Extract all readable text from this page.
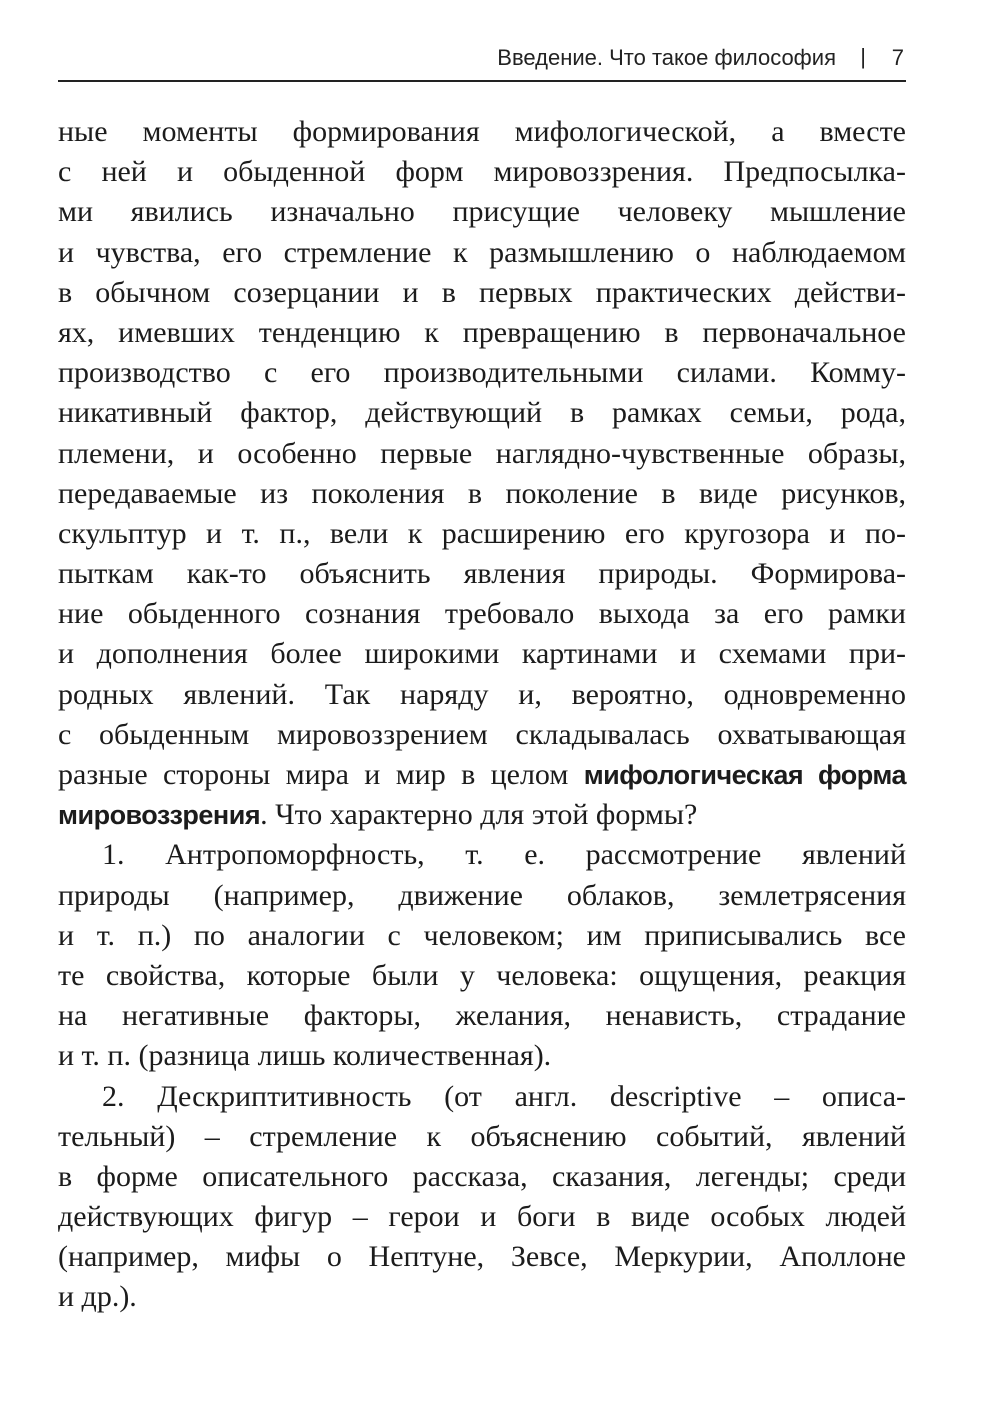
Введение. Что такое философия | 7
ные моменты формирования мифологической, а вместе
с ней и обыденной форм мировоззрения. Предпосылка-
ми явились изначально присущие человеку мышление
и чувства, его стремление к размышлению о наблюдаемом
в обычном созерцании и в первых практических действи-
ях, имевших тенденцию к превращению в первоначальное
производство с его производительными силами. Комму-
никативный фактор, действующий в рамках семьи, рода,
племени, и особенно первые наглядно-чувственные образы,
передаваемые из поколения в поколение в виде рисунков,
скульптур и т. п., вели к расширению его кругозора и по-
пыткам как-то объяснить явления природы. Формирова-
ние обыденного сознания требовало выхода за его рамки
и дополнения более широкими картинами и схемами при-
родных явлений. Так наряду и, вероятно, одновременно
с обыденным мировоззрением складывалась охватывающая
разные стороны мира и мир в целом мифологическая форма
мировоззрения. Что характерно для этой формы?
1. Антропоморфность, т. е. рассмотрение явлений
природы (например, движение облаков, землетрясения
и т. п.) по аналогии с человеком; им приписывались все
те свойства, которые были у человека: ощущения, реакция
на негативные факторы, желания, ненависть, страдание
и т. п. (разница лишь количественная).
2. Дескриптитивность (от англ. descriptive – описа-
тельный) – стремление к объяснению событий, явлений
в форме описательного рассказа, сказания, легенды; среди
действующих фигур – герои и боги в виде особых людей
(например, мифы о Нептуне, Зевсе, Меркурии, Аполлоне
и др.).
